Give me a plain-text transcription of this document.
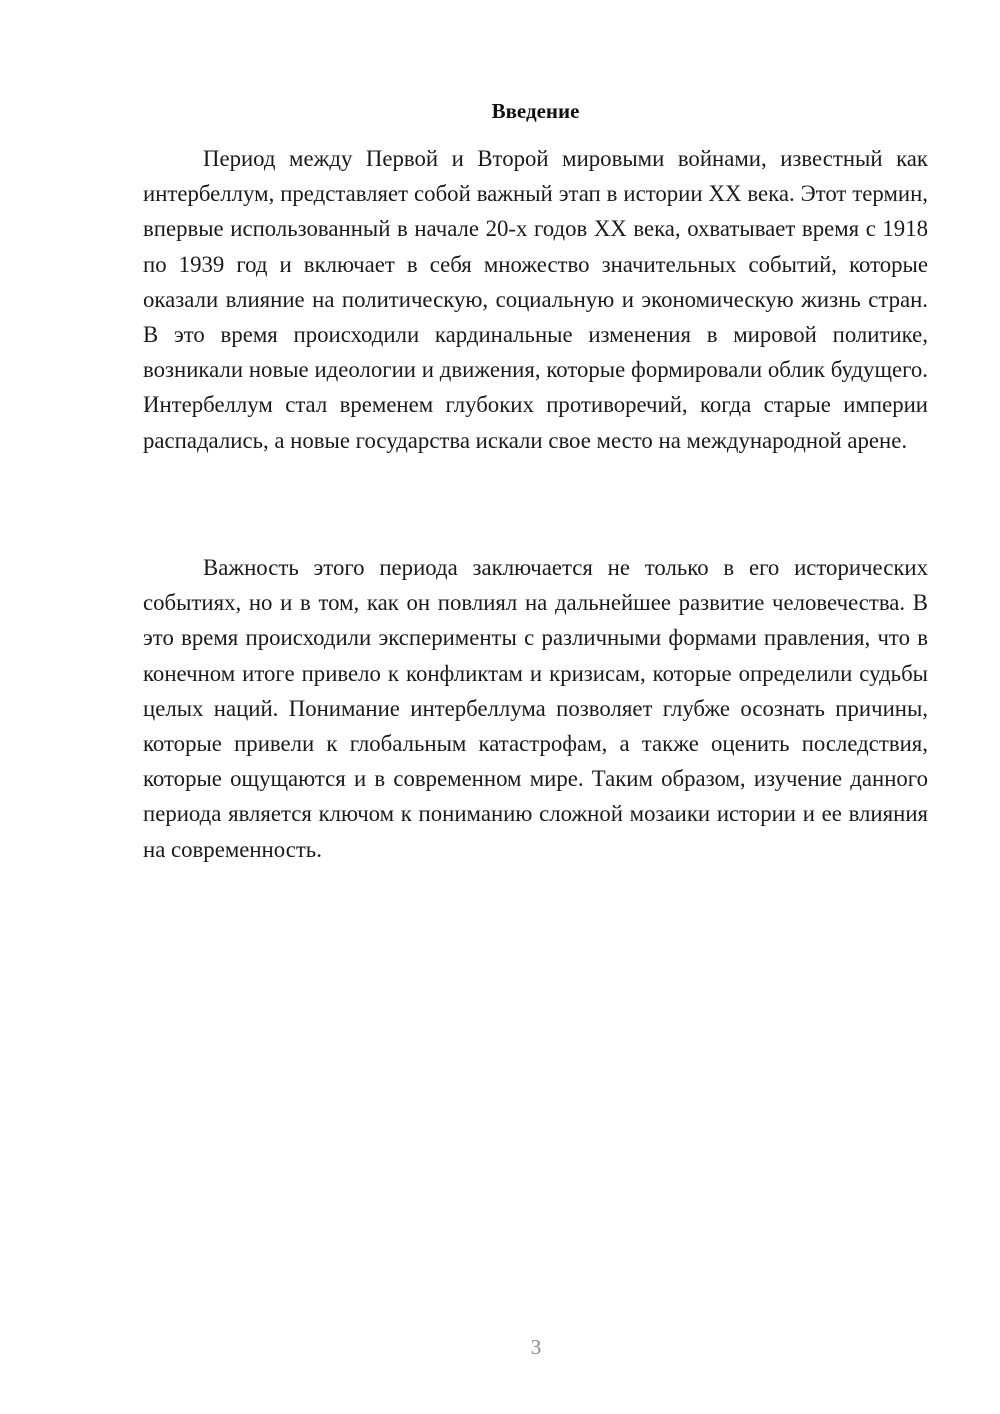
Введение

Период между Первой и Второй мировыми войнами, известный как интербеллум, представляет собой важный этап в истории XX века. Этот термин, впервые использованный в начале 20-х годов XX века, охватывает время с 1918 по 1939 год и включает в себя множество значительных событий, которые оказали влияние на политическую, социальную и экономическую жизнь стран. В это время происходили кардинальные изменения в мировой политике, возникали новые идеологии и движения, которые формировали облик будущего. Интербеллум стал временем глубоких противоречий, когда старые империи распадались, а новые государства искали свое место на международной арене.

Важность этого периода заключается не только в его исторических событиях, но и в том, как он повлиял на дальнейшее развитие человечества. В это время происходили эксперименты с различными формами правления, что в конечном итоге привело к конфликтам и кризисам, которые определили судьбы целых наций. Понимание интербеллума позволяет глубже осознать причины, которые привели к глобальным катастрофам, а также оценить последствия, которые ощущаются и в современном мире. Таким образом, изучение данного периода является ключом к пониманию сложной мозаики истории и ее влияния на современность.

3
